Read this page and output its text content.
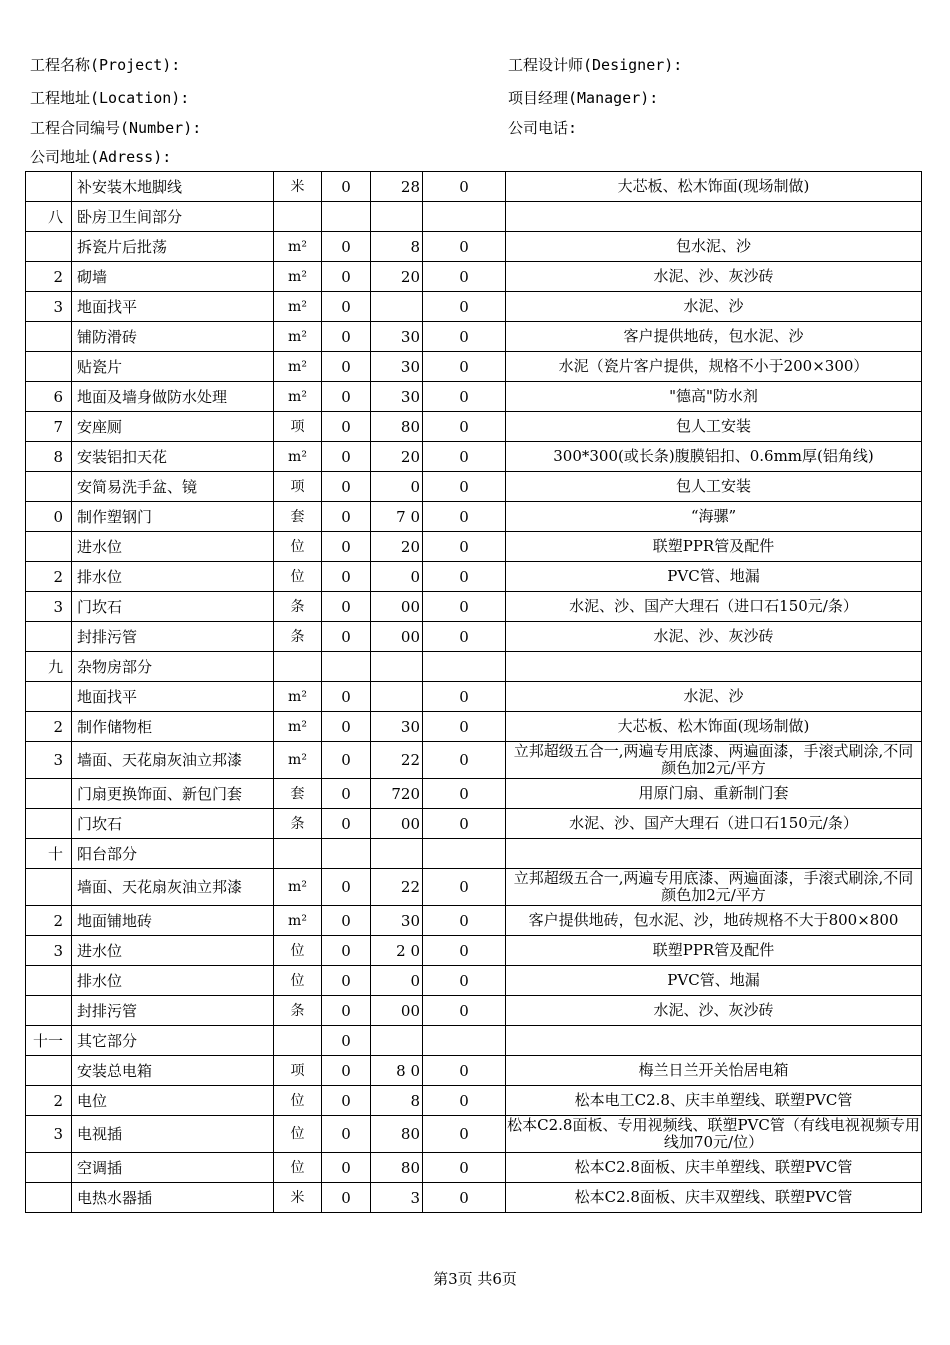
工程名称(Project):	工程设计师(Designer):
工程地址(Location):	项目经理(Manager):
工程合同编号(Number):	公司电话:
公司地址(Adress):
	补安装木地脚线	米	0	28	0	大芯板、松木饰面(现场制做)
八	卧房卫生间部分					
	拆瓷片后批荡	m²	0	8	0	包水泥、沙
2	砌墙	m²	0	20	0	水泥、沙、灰沙砖
3	地面找平	m²	0		0	水泥、沙
	铺防滑砖	m²	0	30	0	客户提供地砖，包水泥、沙
	贴瓷片	m²	0	30	0	水泥（瓷片客户提供，规格不小于200×300）
6	地面及墙身做防水处理	m²	0	30	0	"德高"防水剂
7	安座厕	项	0	80	0	包人工安装
8	安装铝扣天花	m²	0	20	0	300*300(或长条)腹膜铝扣、0.6mm厚(铝角线)
	安简易洗手盆、镜	项	0	0	0	包人工安装
0	制作塑钢门	套	0	7 0	0	“海骡”
	进水位	位	0	20	0	联塑PPR管及配件
2	排水位	位	0	0	0	PVC管、地漏
3	门坎石	条	0	00	0	水泥、沙、国产大理石（进口石150元/条）
	封排污管	条	0	00	0	水泥、沙、灰沙砖
九	杂物房部分					
	地面找平	m²	0		0	水泥、沙
2	制作储物柜	m²	0	30	0	大芯板、松木饰面(现场制做)
3	墙面、天花扇灰油立邦漆	m²	0	22	0	立邦超级五合一,两遍专用底漆、两遍面漆，手滚式刷涂,不同颜色加2元/平方
	门扇更换饰面、新包门套	套	0	720	0	用原门扇、重新制门套
	门坎石	条	0	00	0	水泥、沙、国产大理石（进口石150元/条）
十	阳台部分					
	墙面、天花扇灰油立邦漆	m²	0	22	0	立邦超级五合一,两遍专用底漆、两遍面漆，手滚式刷涂,不同颜色加2元/平方
2	地面铺地砖	m²	0	30	0	客户提供地砖，包水泥、沙，地砖规格不大于800×800
3	进水位	位	0	2 0	0	联塑PPR管及配件
	排水位	位	0	0	0	PVC管、地漏
	封排污管	条	0	00	0	水泥、沙、灰沙砖
十一	其它部分		0			
	安装总电箱	项	0	8 0	0	梅兰日兰开关怡居电箱
2	电位	位	0	8	0	松本电工C2.8、庆丰单塑线、联塑PVC管
3	电视插	位	0	80	0	松本C2.8面板、专用视频线、联塑PVC管（有线电视视频专用线加70元/位）
	空调插	位	0	80	0	松本C2.8面板、庆丰单塑线、联塑PVC管
	电热水器插	米	0	3	0	松本C2.8面板、庆丰双塑线、联塑PVC管
第3页 共6页
